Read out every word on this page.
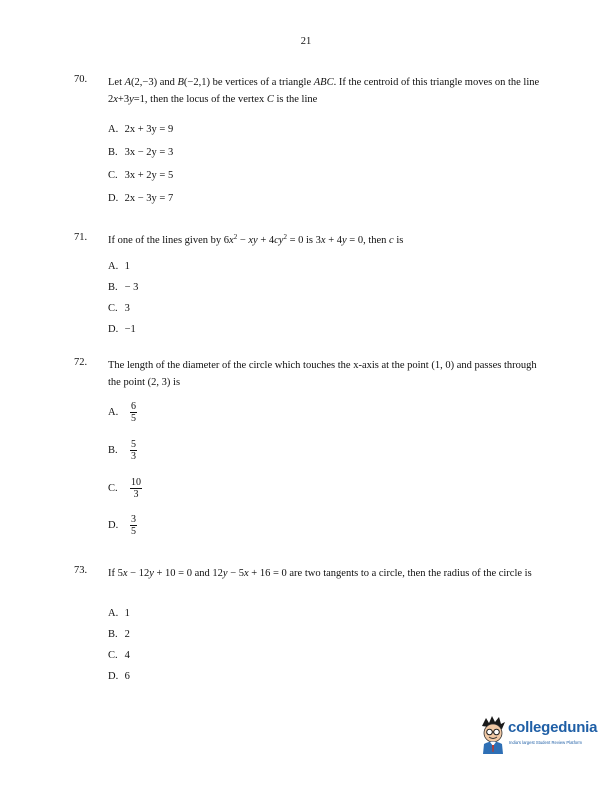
21
70. Let A(2,−3) and B(−2,1) be vertices of a triangle ABC. If the centroid of this triangle moves on the line 2x+3y=1, then the locus of the vertex C is the line
A. 2x + 3y = 9
B. 3x − 2y = 3
C. 3x + 2y = 5
D. 2x − 3y = 7
71. If one of the lines given by $6x^2$ − xy + $4cy^2 = 0$ is 3x + 4y = 0, then c is
A. 1
B. − 3
C. 3
D. −1
72. The length of the diameter of the circle which touches the x-axis at the point (1, 0) and passes through the point (2, 3) is
A. $\frac{6}{5}$
B. $\frac{5}{3}$
C. $\frac{10}{3}$
D. $\frac{3}{5}$
73. If 5x − 12y + 10 = 0 and 12y − 5x + 16 = 0 are two tangents to a circle, then the radius of the circle is
A. 1
B. 2
C. 4
D. 6
collegedunia
India's largest Student Review Platform
